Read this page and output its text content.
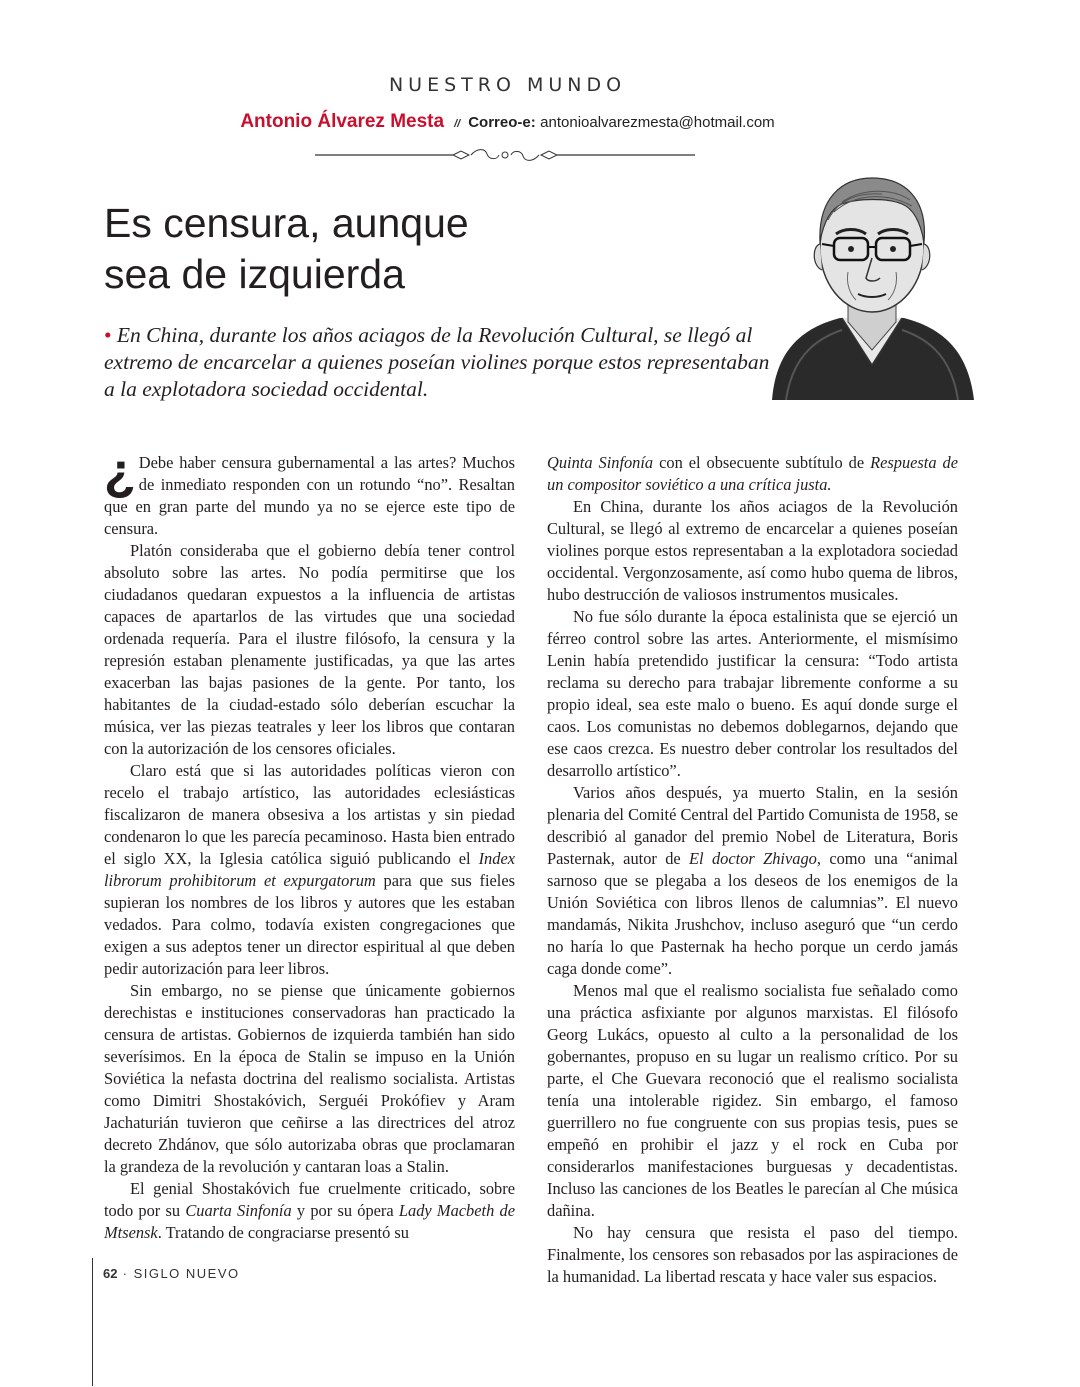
NUESTRO MUNDO
Antonio Álvarez Mesta // Correo-e: antonioalvarezmesta@hotmail.com
Es censura, aunque
sea de izquierda

• En China, durante los años aciagos de la Revolución Cultural, se llegó al extremo de encarcelar a quienes poseían violines porque estos representaban a la explotadora sociedad occidental.

¿ Debe haber censura gubernamental a las artes? Muchos de inmediato responden con un rotundo “no”. Resaltan que en gran parte del mundo ya no se ejerce este tipo de censura.

Platón consideraba que el gobierno debía tener control absoluto sobre las artes. No podía permitirse que los ciudadanos quedaran expuestos a la influencia de artistas capaces de apartarlos de las virtudes que una sociedad ordenada requería. Para el ilustre filósofo, la censura y la represión estaban plenamente justificadas, ya que las artes exacerban las bajas pasiones de la gente. Por tanto, los habitantes de la ciudad-estado sólo deberían escuchar la música, ver las piezas teatrales y leer los libros que contaran con la autorización de los censores oficiales.

Claro está que si las autoridades políticas vieron con recelo el trabajo artístico, las autoridades eclesiásticas fiscalizaron de manera obsesiva a los artistas y sin piedad condenaron lo que les parecía pecaminoso. Hasta bien entrado el siglo XX, la Iglesia católica siguió publicando el Index librorum prohibitorum et expurgatorum para que sus fieles supieran los nombres de los libros y autores que les estaban vedados. Para colmo, todavía existen congregaciones que exigen a sus adeptos tener un director espiritual al que deben pedir autorización para leer libros.

Sin embargo, no se piense que únicamente gobiernos derechistas e instituciones conservadoras han practicado la censura de artistas. Gobiernos de izquierda también han sido severísimos. En la época de Stalin se impuso en la Unión Soviética la nefasta doctrina del realismo socialista. Artistas como Dimitri Shostakóvich, Serguéi Prokófiev y Aram Jachaturián tuvieron que ceñirse a las directrices del atroz decreto Zhdánov, que sólo autorizaba obras que proclamaran la grandeza de la revolución y cantaran loas a Stalin.

El genial Shostakóvich fue cruelmente criticado, sobre todo por su Cuarta Sinfonía y por su ópera Lady Macbeth de Mtsensk. Tratando de congraciarse presentó su

Quinta Sinfonía con el obsecuente subtítulo de Respuesta de un compositor soviético a una crítica justa.

En China, durante los años aciagos de la Revolución Cultural, se llegó al extremo de encarcelar a quienes poseían violines porque estos representaban a la explotadora sociedad occidental. Vergonzosamente, así como hubo quema de libros, hubo destrucción de valiosos instrumentos musicales.

No fue sólo durante la época estalinista que se ejerció un férreo control sobre las artes. Anteriormente, el mismísimo Lenin había pretendido justificar la censura: “Todo artista reclama su derecho para trabajar libremente conforme a su propio ideal, sea este malo o bueno. Es aquí donde surge el caos. Los comunistas no debemos doblegarnos, dejando que ese caos crezca. Es nuestro deber controlar los resultados del desarrollo artístico”.

Varios años después, ya muerto Stalin, en la sesión plenaria del Comité Central del Partido Comunista de 1958, se describió al ganador del premio Nobel de Literatura, Boris Pasternak, autor de El doctor Zhivago, como una “animal sarnoso que se plegaba a los deseos de los enemigos de la Unión Soviética con libros llenos de calumnias”. El nuevo mandamás, Nikita Jrushchov, incluso aseguró que “un cerdo no haría lo que Pasternak ha hecho porque un cerdo jamás caga donde come”.

Menos mal que el realismo socialista fue señalado como una práctica asfixiante por algunos marxistas. El filósofo Georg Lukács, opuesto al culto a la personalidad de los gobernantes, propuso en su lugar un realismo crítico. Por su parte, el Che Guevara reconoció que el realismo socialista tenía una intolerable rigidez. Sin embargo, el famoso guerrillero no fue congruente con sus propias tesis, pues se empeñó en prohibir el jazz y el rock en Cuba por considerarlos manifestaciones burguesas y decadentistas. Incluso las canciones de los Beatles le parecían al Che música dañina.

No hay censura que resista el paso del tiempo. Finalmente, los censores son rebasados por las aspiraciones de la humanidad. La libertad rescata y hace valer sus espacios.

62 · SIGLO NUEVO
